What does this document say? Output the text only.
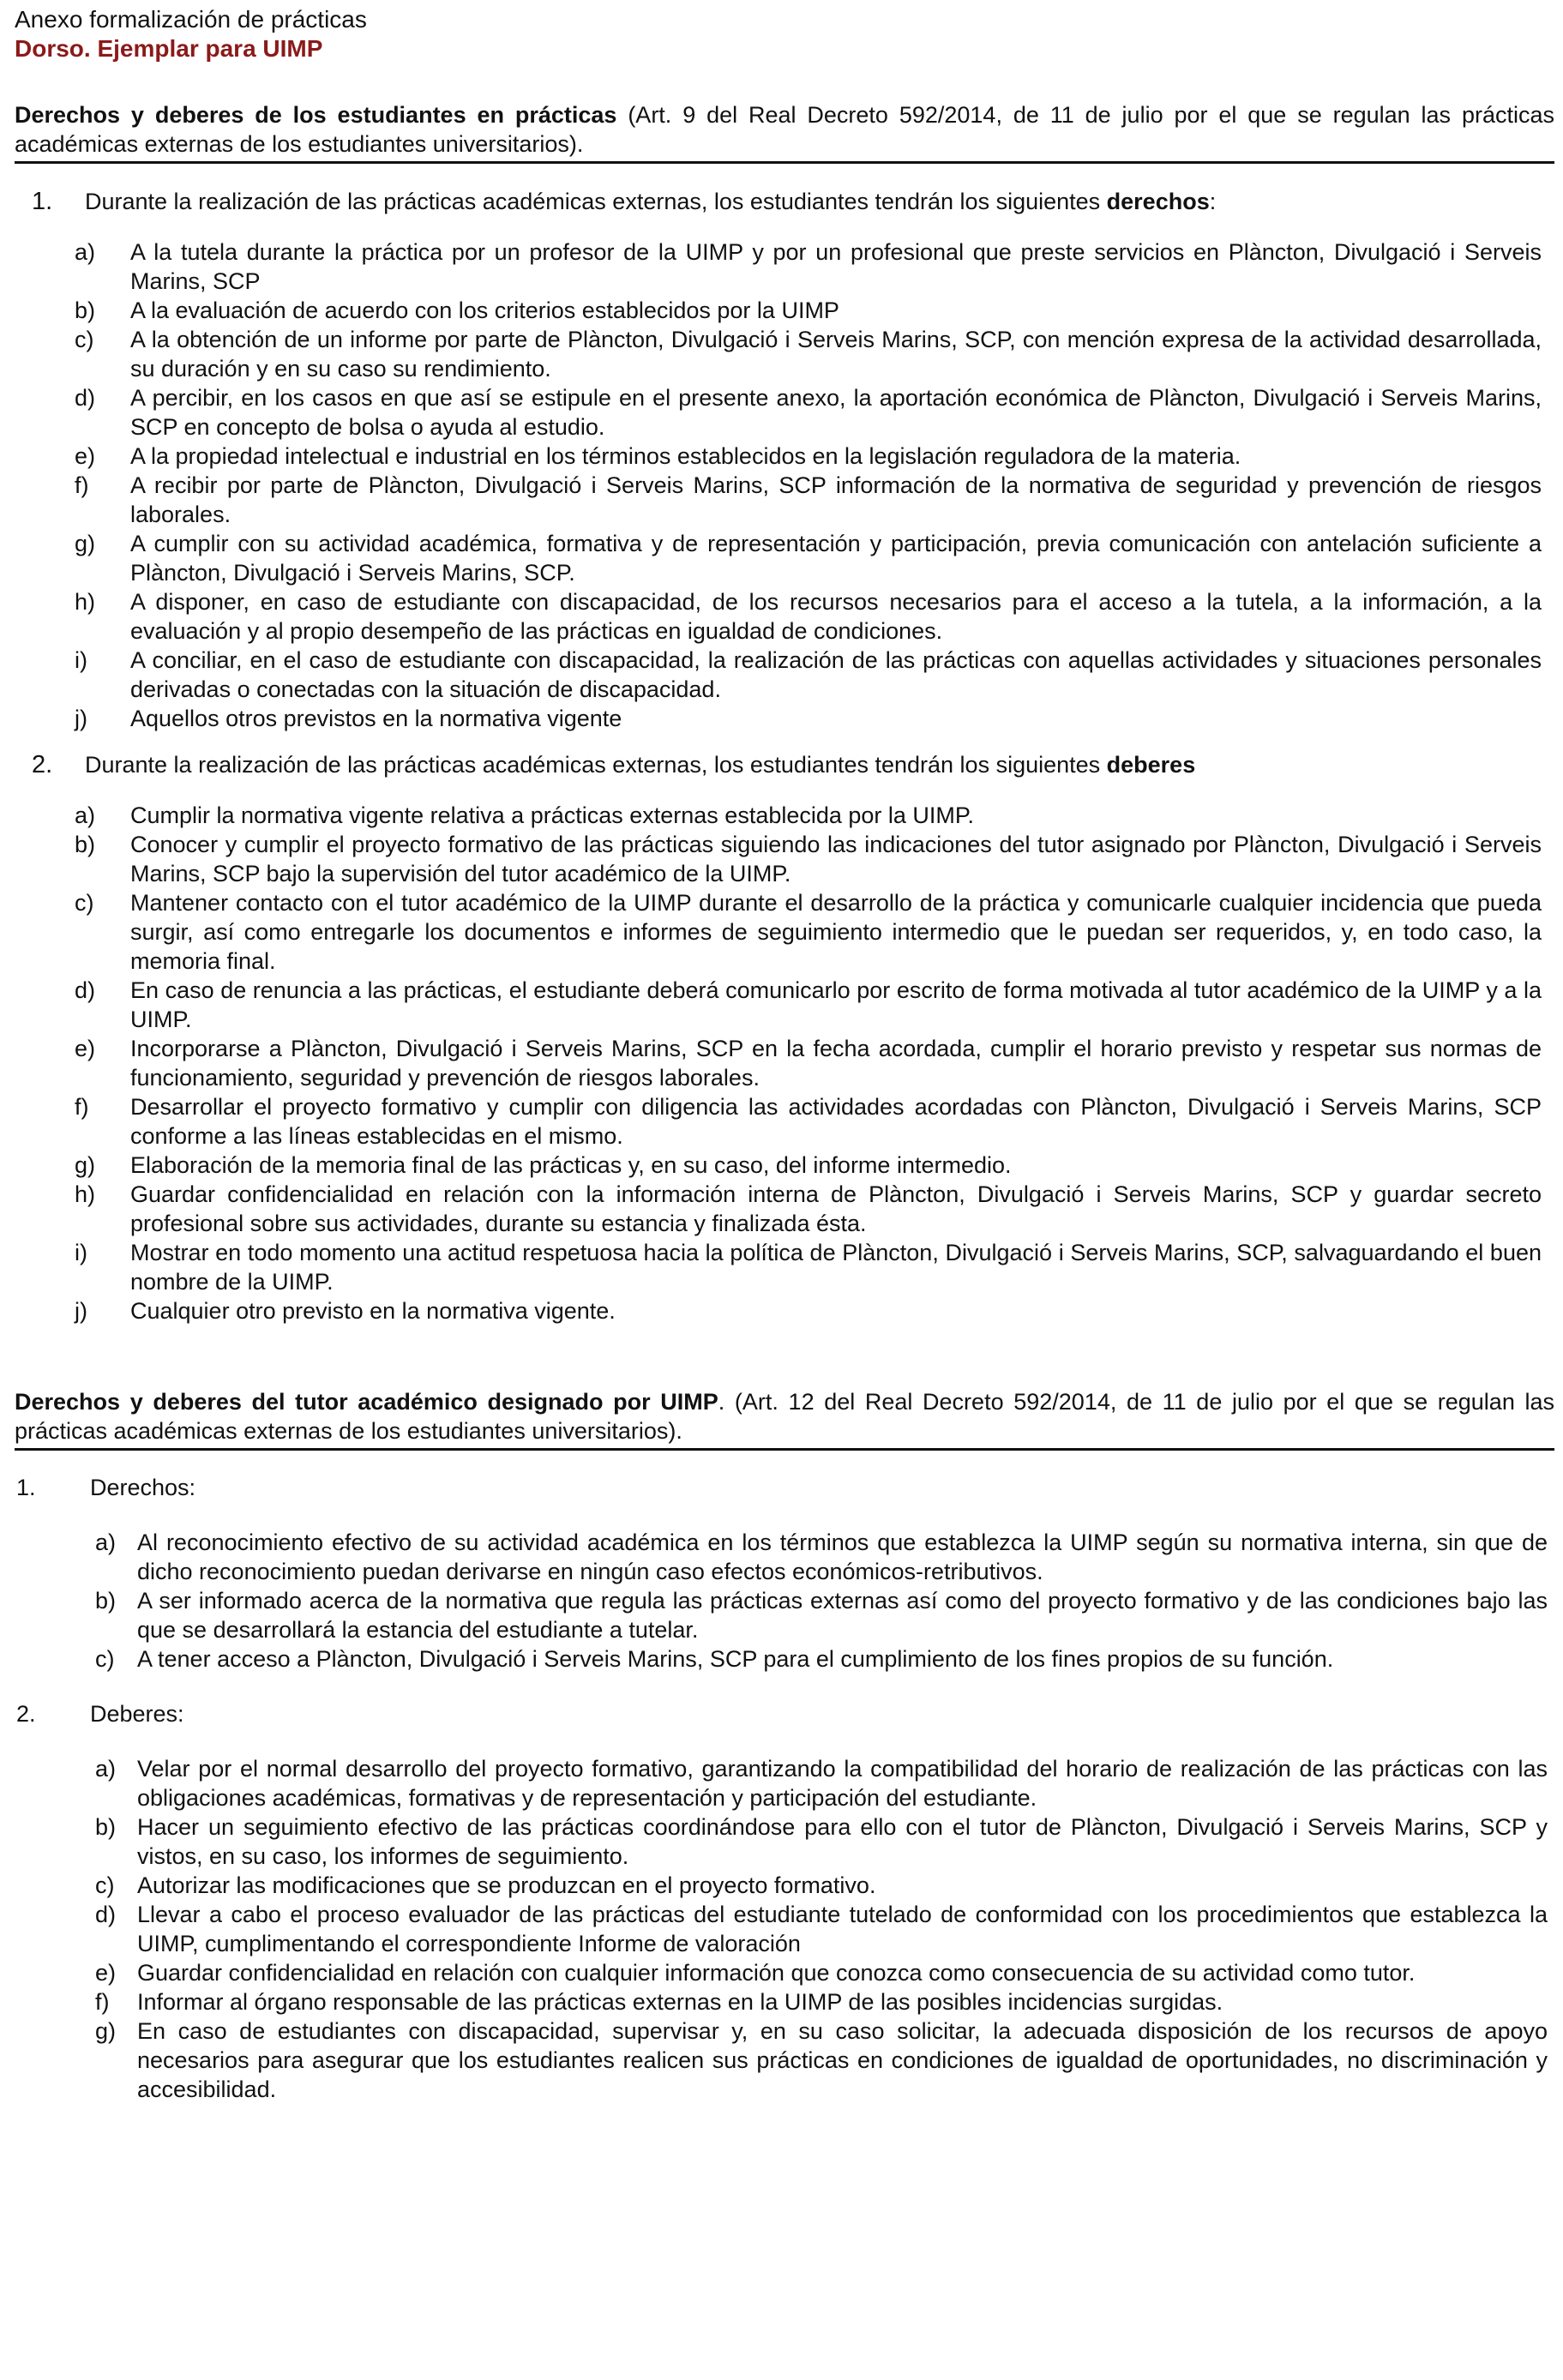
Anexo formalización de prácticas
Dorso. Ejemplar para UIMP
Derechos y deberes de los estudiantes en prácticas (Art. 9 del Real Decreto 592/2014, de 11 de julio por el que se regulan las prácticas académicas externas de los estudiantes universitarios).
1.	Durante la realización de las prácticas académicas externas, los estudiantes tendrán los siguientes derechos:
a)	A la tutela durante la práctica por un profesor de la UIMP y por un profesional que preste servicios en Plàncton, Divulgació i Serveis Marins, SCP
b)	A la evaluación de acuerdo con los criterios establecidos por la UIMP
c)	A la obtención de un informe por parte de Plàncton, Divulgació i Serveis Marins, SCP, con mención expresa de la actividad desarrollada, su duración y en su caso su rendimiento.
d)	A percibir, en los casos en que así se estipule en el presente anexo, la aportación económica de Plàncton, Divulgació i Serveis Marins, SCP en concepto de bolsa o ayuda al estudio.
e)	A la propiedad intelectual e industrial en los términos establecidos en la legislación reguladora de la materia.
f)	A recibir por parte de Plàncton, Divulgació i Serveis Marins, SCP información de la normativa de seguridad y prevención de riesgos laborales.
g)	A cumplir con su actividad académica, formativa y de representación y participación, previa comunicación con antelación suficiente a Plàncton, Divulgació i Serveis Marins, SCP.
h)	A disponer, en caso de estudiante con discapacidad, de los recursos necesarios para el acceso a la tutela, a la información, a la evaluación y al propio desempeño de las prácticas en igualdad de condiciones.
i)	A conciliar, en el caso de estudiante con discapacidad, la realización de las prácticas con aquellas actividades y situaciones personales derivadas o conectadas con la situación de discapacidad.
j)	Aquellos otros previstos en la normativa vigente
2.	Durante la realización de las prácticas académicas externas, los estudiantes tendrán los siguientes deberes
a)	Cumplir la normativa vigente relativa a prácticas externas establecida por la UIMP.
b)	Conocer y cumplir el proyecto formativo de las prácticas siguiendo las indicaciones del tutor asignado por Plàncton, Divulgació i Serveis Marins, SCP bajo la supervisión del tutor académico de la UIMP.
c)	Mantener contacto con el tutor académico de la UIMP durante el desarrollo de la práctica y comunicarle cualquier incidencia que pueda surgir, así como entregarle los documentos e informes de seguimiento intermedio que le puedan ser requeridos, y, en todo caso, la memoria final.
d)	En caso de renuncia a las prácticas, el estudiante deberá comunicarlo por escrito de forma motivada al tutor académico de la UIMP y a la UIMP.
e)	Incorporarse a Plàncton, Divulgació i Serveis Marins, SCP en la fecha acordada, cumplir el horario previsto y respetar sus normas de funcionamiento, seguridad y prevención de riesgos laborales.
f)	Desarrollar el proyecto formativo y cumplir con diligencia las actividades acordadas con Plàncton, Divulgació i Serveis Marins, SCP conforme a las líneas establecidas en el mismo.
g)	Elaboración de la memoria final de las prácticas y, en su caso, del informe intermedio.
h)	Guardar confidencialidad en relación con la información interna de Plàncton, Divulgació i Serveis Marins, SCP y guardar secreto profesional sobre sus actividades, durante su estancia y finalizada ésta.
i)	Mostrar en todo momento una actitud respetuosa hacia la política de Plàncton, Divulgació i Serveis Marins, SCP, salvaguardando el buen nombre de la UIMP.
j)	Cualquier otro previsto en la normativa vigente.
Derechos y deberes del tutor académico designado por UIMP. (Art. 12 del Real Decreto 592/2014, de 11 de julio por el que se regulan las prácticas académicas externas de los estudiantes universitarios).
1.	Derechos:
a) Al reconocimiento efectivo de su actividad académica en los términos que establezca la UIMP según su normativa interna, sin que de dicho reconocimiento puedan derivarse en ningún caso efectos económicos-retributivos.
b) A ser informado acerca de la normativa que regula las prácticas externas así como del proyecto formativo y de las condiciones bajo las que se desarrollará la estancia del estudiante a tutelar.
c) A tener acceso a Plàncton, Divulgació i Serveis Marins, SCP para el cumplimiento de los fines propios de su función.
2.	Deberes:
a) Velar por el normal desarrollo del proyecto formativo, garantizando la compatibilidad del horario de realización de las prácticas con las obligaciones académicas, formativas y de representación y participación del estudiante.
b) Hacer un seguimiento efectivo de las prácticas coordinándose para ello con el tutor de Plàncton, Divulgació i Serveis Marins, SCP y vistos, en su caso, los informes de seguimiento.
c) Autorizar las modificaciones que se produzcan en el proyecto formativo.
d) Llevar a cabo el proceso evaluador de las prácticas del estudiante tutelado de conformidad con los procedimientos que establezca la UIMP, cumplimentando el correspondiente Informe de valoración
e) Guardar confidencialidad en relación con cualquier información que conozca como consecuencia de su actividad como tutor.
f)	Informar al órgano responsable de las prácticas externas en la UIMP de las posibles incidencias surgidas.
g) En caso de estudiantes con discapacidad, supervisar y, en su caso solicitar, la adecuada disposición de los recursos de apoyo necesarios para asegurar que los estudiantes realicen sus prácticas en condiciones de igualdad de oportunidades, no discriminación y accesibilidad.
